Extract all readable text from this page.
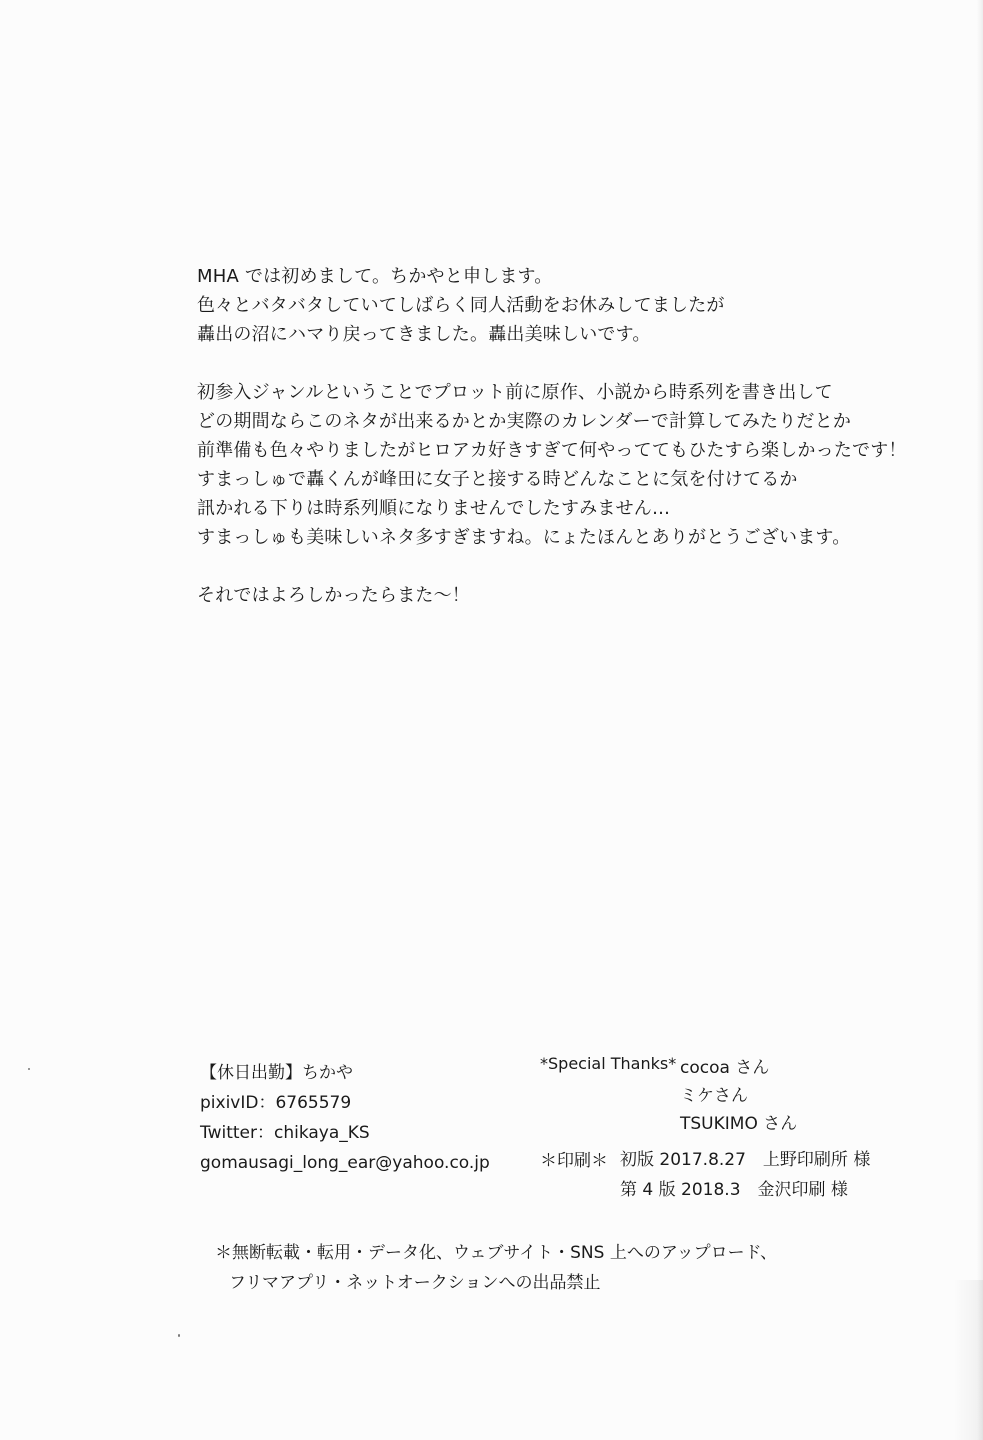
MHA では初めまして。ちかやと申します。
色々とバタバタしていてしばらく同人活動をお休みしてましたが
轟出の沼にハマり戻ってきました。轟出美味しいです。
初参入ジャンルということでプロット前に原作、小説から時系列を書き出して
どの期間ならこのネタが出来るかとか実際のカレンダーで計算してみたりだとか
前準備も色々やりましたがヒロアカ好きすぎて何やっててもひたすら楽しかったです！
すまっしゅで轟くんが峰田に女子と接する時どんなことに気を付けてるか
訊かれる下りは時系列順になりませんでしたすみません…
すまっしゅも美味しいネタ多すぎますね。にょたほんとありがとうございます。
それではよろしかったらまた〜！
【休日出勤】ちかや
pixivID：6765579
Twitter：chikaya_KS
gomausagi_long_ear@yahoo.co.jp
*Special Thanks* cocoa さん
ミケさん
TSUKIMO さん
＊印刷＊ 初版 2017.8.27　上野印刷所 様
第 4 版 2018.3　金沢印刷 様
＊無断転載・転用・データ化、ウェブサイト・SNS 上へのアップロード、
フリマアプリ・ネットオークションへの出品禁止
